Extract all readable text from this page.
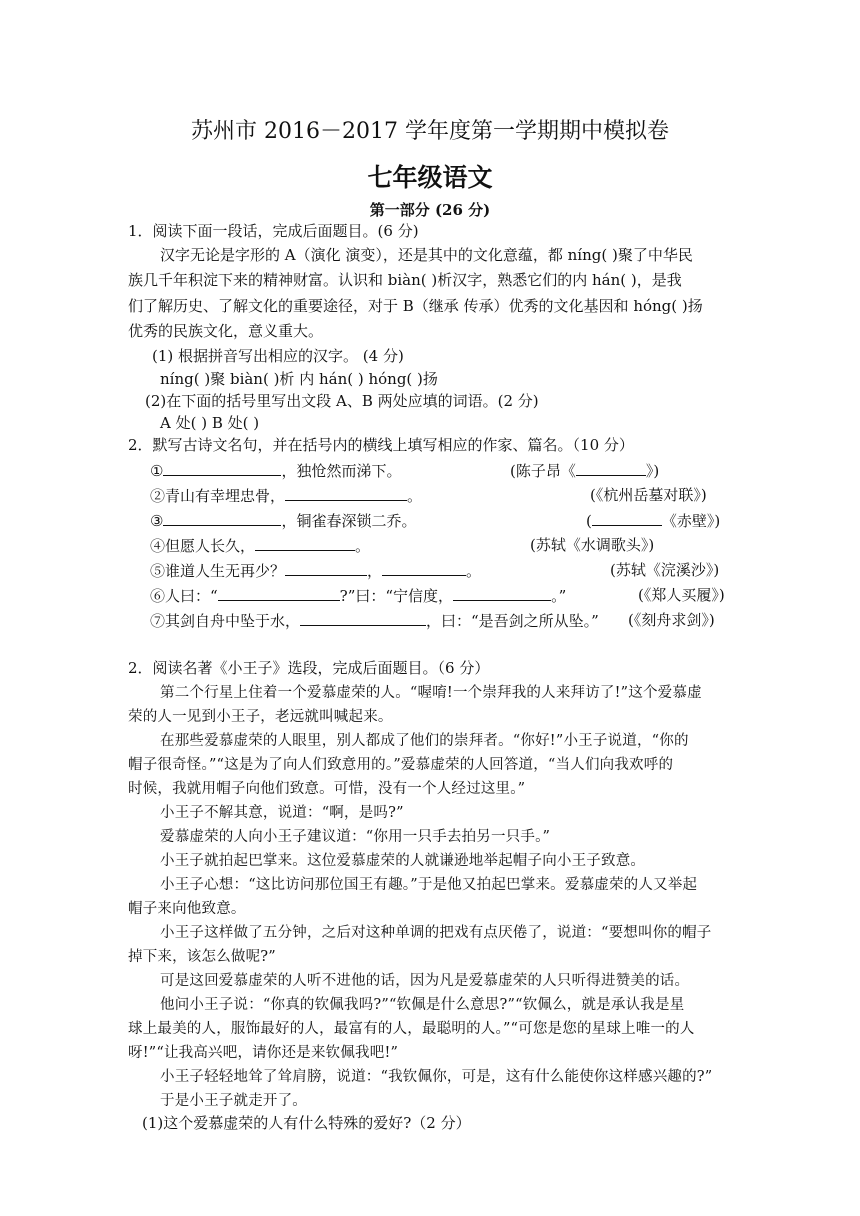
苏州市 2016－2017 学年度第一学期期中模拟卷
七年级语文
第一部分 (26 分)
1．阅读下面一段话，完成后面题目。(6 分)
汉字无论是字形的 A（演化 演变），还是其中的文化意蕴，都 níng( )聚了中华民
族几千年积淀下来的精神财富。认识和 biàn( )析汉字，熟悉它们的内 hán( )，是我
们了解历史、了解文化的重要途径，对于 B（继承 传承）优秀的文化基因和 hóng( )扬
优秀的民族文化，意义重大。
(1) 根据拼音写出相应的汉字。 (4 分)
níng( )聚 biàn( )析 内 hán( ) hóng( )扬
(2)在下面的括号里写出文段 A、B 两处应填的词语。(2 分)
A 处( ) B 处( )
2．默写古诗文名句，并在括号内的横线上填写相应的作家、篇名。（10 分）
①	，独怆然而涕下。	(陈子昂《	》)
②青山有幸埋忠骨，	。	(《杭州岳墓对联》)
③	，铜雀春深锁二乔。	(	《赤壁》)
④但愿人长久，	。	(苏轼《水调歌头》)
⑤谁道人生无再少？	，	。	(苏轼《浣溪沙》)
⑥人曰：“	?”曰：“宁信度，	。”	(《郑人买履》)
⑦其剑自舟中坠于水，	，曰：“是吾剑之所从坠。” (《刻舟求剑》)
2．阅读名著《小王子》选段，完成后面题目。（6 分）
第二个行星上住着一个爱慕虚荣的人。“喔唷!一个崇拜我的人来拜访了!”这个爱慕虚
荣的人一见到小王子，老远就叫喊起来。
在那些爱慕虚荣的人眼里，别人都成了他们的崇拜者。“你好!”小王子说道，“你的
帽子很奇怪。”“这是为了向人们致意用的。”爱慕虚荣的人回答道，“当人们向我欢呼的
时候，我就用帽子向他们致意。可惜，没有一个人经过这里。”
小王子不解其意，说道：“啊，是吗?”
爱慕虚荣的人向小王子建议道：“你用一只手去拍另一只手。”
小王子就拍起巴掌来。这位爱慕虚荣的人就谦逊地举起帽子向小王子致意。
小王子心想：“这比访问那位国王有趣。”于是他又拍起巴掌来。爱慕虚荣的人又举起
帽子来向他致意。
小王子这样做了五分钟，之后对这种单调的把戏有点厌倦了，说道：“要想叫你的帽子
掉下来，该怎么做呢?”
可是这回爱慕虚荣的人听不进他的话，因为凡是爱慕虚荣的人只听得进赞美的话。
他问小王子说：“你真的钦佩我吗?”“钦佩是什么意思?”“钦佩么，就是承认我是星
球上最美的人，服饰最好的人，最富有的人，最聪明的人。”“可您是您的星球上唯一的人
呀!”“让我高兴吧，请你还是来钦佩我吧!”
小王子轻轻地耸了耸肩膀，说道：“我钦佩你，可是，这有什么能使你这样感兴趣的?”
于是小王子就走开了。
(1)这个爱慕虚荣的人有什么特殊的爱好?（2 分）
